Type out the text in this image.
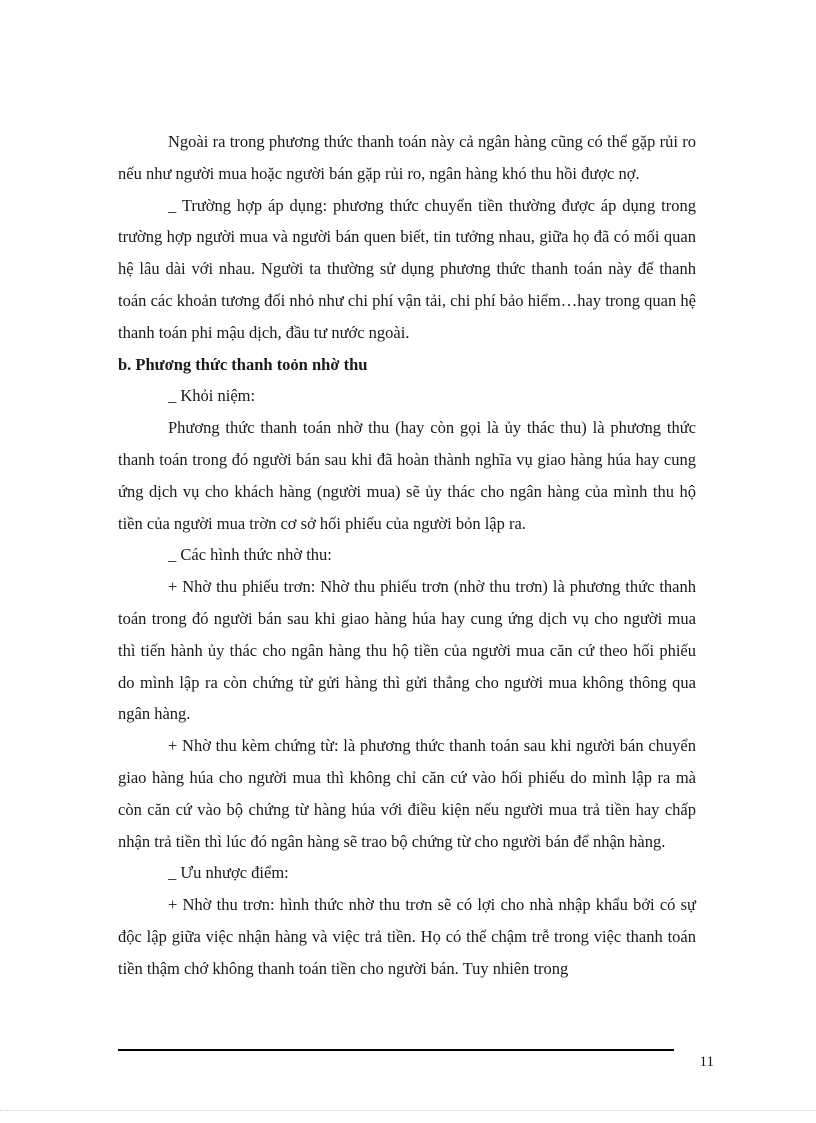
Ngoài ra trong phương thức thanh toán này cả ngân hàng cũng có thể gặp rủi ro nếu như người mua hoặc người bán gặp rủi ro, ngân hàng khó thu hồi được nợ.

_ Trường hợp áp dụng: phương thức chuyển tiền thường được áp dụng trong trường hợp người mua và người bán quen biết, tin tưởng nhau, giữa họ đã có mối quan hệ lâu dài với nhau. Người ta thường sử dụng phương thức thanh toán này để thanh toán các khoản tương đối nhỏ như chi phí vận tải, chi phí bảo hiểm…hay trong quan hệ thanh toán phi mậu dịch, đầu tư nước ngoài.

b. Phương thức thanh toỏn nhờ thu

_ Khỏi niệm:

Phương thức thanh toán nhờ thu (hay còn gọi là ủy thác thu) là phương thức thanh toán trong đó người bán sau khi đã hoàn thành nghĩa vụ giao hàng húa hay cung ứng dịch vụ cho khách hàng (người mua) sẽ ủy thác cho ngân hàng của mình thu hộ tiền của người mua trờn cơ sở hối phiếu của người bỏn lập ra.

_ Các hình thức nhờ thu:

+ Nhờ thu phiếu trơn: Nhờ thu phiếu trơn (nhờ thu trơn) là phương thức thanh toán trong đó người bán sau khi giao hàng húa hay cung ứng dịch vụ cho người mua thì tiến hành ủy thác cho ngân hàng thu hộ tiền của người mua căn cứ theo hối phiếu do mình lập ra còn chứng từ gửi hàng thì gửi thẳng cho người mua không thông qua ngân hàng.

+ Nhờ thu kèm chứng từ: là phương thức thanh toán sau khi người bán chuyển giao hàng húa cho người mua thì không chỉ căn cứ vào hối phiếu do mình lập ra mà còn căn cứ vào bộ chứng từ hàng húa với điều kiện nếu người mua trả tiền hay chấp nhận trả tiền thì lúc đó ngân hàng sẽ trao bộ chứng từ cho người bán để nhận hàng.

_ Ưu nhược điểm:

+ Nhờ thu trơn: hình thức nhờ thu trơn sẽ có lợi cho nhà nhập khẩu bởi có sự độc lập giữa việc nhận hàng và việc trả tiền. Họ có thể chậm trễ trong việc thanh toán tiền thậm chớ không thanh toán tiền cho người bán. Tuy nhiên trong

11
